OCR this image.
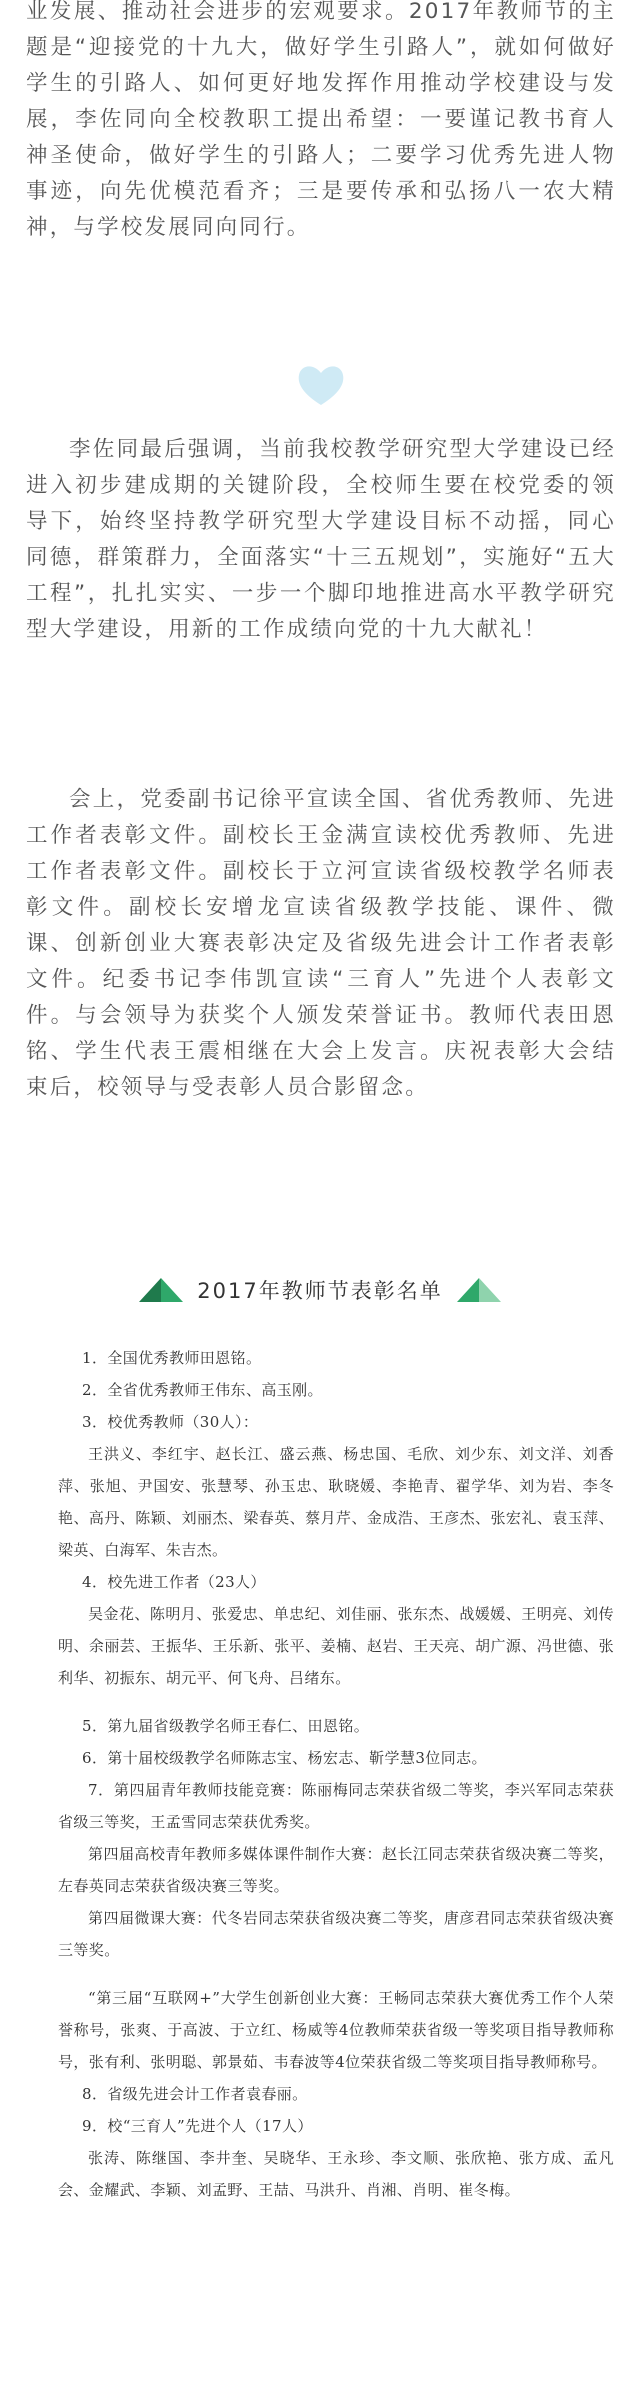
业发展、推动社会进步的宏观要求。2017年教师节的主题是“迎接党的十九大，做好学生引路人”，就如何做好学生的引路人、如何更好地发挥作用推动学校建设与发展，李佐同向全校教职工提出希望：一要谨记教书育人神圣使命，做好学生的引路人；二要学习优秀先进人物事迹，向先优模范看齐；三是要传承和弘扬八一农大精神，与学校发展同向同行。

李佐同最后强调，当前我校教学研究型大学建设已经进入初步建成期的关键阶段，全校师生要在校党委的领导下，始终坚持教学研究型大学建设目标不动摇，同心同德，群策群力，全面落实“十三五规划”，实施好“五大工程”，扎扎实实、一步一个脚印地推进高水平教学研究型大学建设，用新的工作成绩向党的十九大献礼！

会上，党委副书记徐平宣读全国、省优秀教师、先进工作者表彰文件。副校长王金满宣读校优秀教师、先进工作者表彰文件。副校长于立河宣读省级校教学名师表彰文件。副校长安增龙宣读省级教学技能、课件、微课、创新创业大赛表彰决定及省级先进会计工作者表彰文件。纪委书记李伟凯宣读“三育人”先进个人表彰文件。与会领导为获奖个人颁发荣誉证书。教师代表田恩铭、学生代表王震相继在大会上发言。庆祝表彰大会结束后，校领导与受表彰人员合影留念。

2017年教师节表彰名单

1．全国优秀教师田恩铭。

2．全省优秀教师王伟东、高玉刚。

3．校优秀教师（30人）：

王洪义、李红宇、赵长江、盛云燕、杨忠国、毛欣、刘少东、刘文洋、刘香萍、张旭、尹国安、张慧琴、孙玉忠、耿晓媛、李艳青、翟学华、刘为岩、李冬艳、高丹、陈颖、刘丽杰、梁春英、蔡月芹、金成浩、王彦杰、张宏礼、袁玉萍、梁英、白海军、朱吉杰。

4．校先进工作者（23人）

吴金花、陈明月、张爱忠、单忠纪、刘佳丽、张东杰、战媛媛、王明亮、刘传明、余丽芸、王振华、王乐新、张平、姜楠、赵岩、王天亮、胡广源、冯世德、张利华、初振东、胡元平、何飞舟、吕绪东。

5．第九届省级教学名师王春仁、田恩铭。

6．第十届校级教学名师陈志宝、杨宏志、靳学慧3位同志。

7．第四届青年教师技能竞赛：陈丽梅同志荣获省级二等奖，李兴军同志荣获省级三等奖，王孟雪同志荣获优秀奖。

第四届高校青年教师多媒体课件制作大赛：赵长江同志荣获省级决赛二等奖，左春英同志荣获省级决赛三等奖。

第四届微课大赛：代冬岩同志荣获省级决赛二等奖，唐彦君同志荣获省级决赛三等奖。

“第三届“互联网+”大学生创新创业大赛：王畅同志荣获大赛优秀工作个人荣誉称号，张爽、于高波、于立红、杨威等4位教师荣获省级一等奖项目指导教师称号，张有利、张明聪、郭景茹、韦春波等4位荣获省级二等奖项目指导教师称号。

8．省级先进会计工作者袁春丽。

9．校“三育人”先进个人（17人）

张涛、陈继国、李井奎、吴晓华、王永珍、李文顺、张欣艳、张方成、孟凡会、金耀武、李颖、刘孟野、王喆、马洪升、肖湘、肖明、崔冬梅。
